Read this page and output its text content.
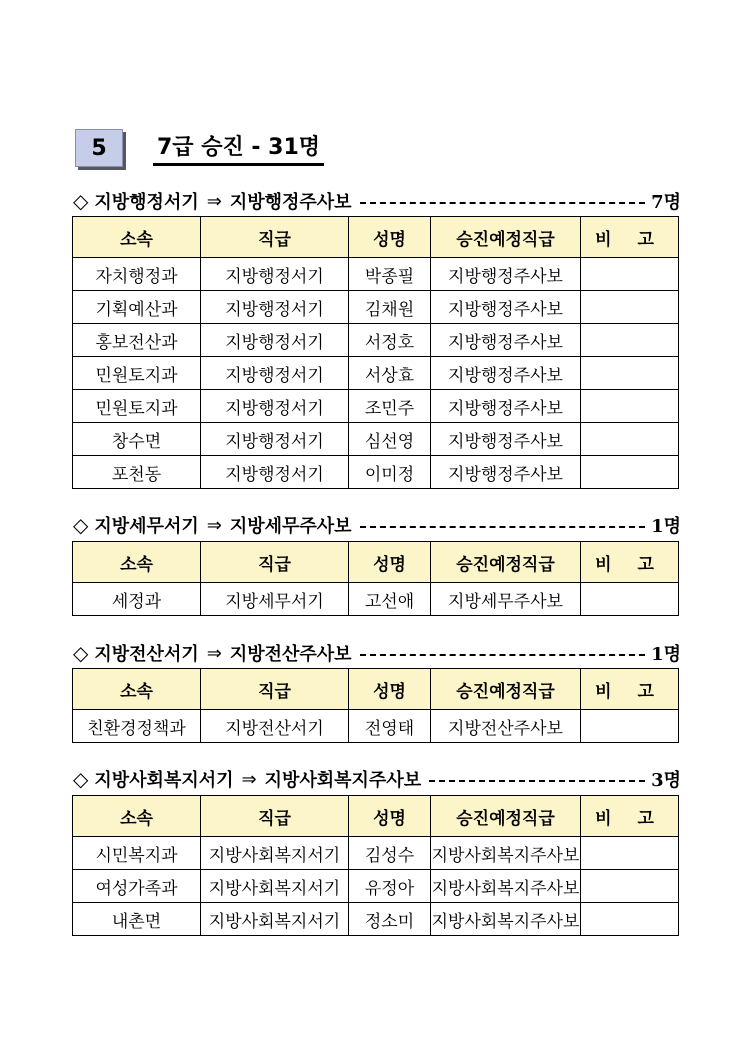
5	7급 승진 - 31명
◇ 지방행정서기 ⇒ 지방행정주사보	7명
소속	직급	성명	승진예정직급	비 고
자치행정과	지방행정서기	박종필	지방행정주사보	
기획예산과	지방행정서기	김채원	지방행정주사보	
홍보전산과	지방행정서기	서정호	지방행정주사보	
민원토지과	지방행정서기	서상효	지방행정주사보	
민원토지과	지방행정서기	조민주	지방행정주사보	
창수면	지방행정서기	심선영	지방행정주사보	
포천동	지방행정서기	이미정	지방행정주사보	
◇ 지방세무서기 ⇒ 지방세무주사보	1명
소속	직급	성명	승진예정직급	비 고
세정과	지방세무서기	고선애	지방세무주사보	
◇ 지방전산서기 ⇒ 지방전산주사보	1명
소속	직급	성명	승진예정직급	비 고
친환경정책과	지방전산서기	전영태	지방전산주사보	
◇ 지방사회복지서기 ⇒ 지방사회복지주사보	3명
소속	직급	성명	승진예정직급	비 고
시민복지과	지방사회복지서기	김성수	지방사회복지주사보	
여성가족과	지방사회복지서기	유정아	지방사회복지주사보	
내촌면	지방사회복지서기	정소미	지방사회복지주사보	
